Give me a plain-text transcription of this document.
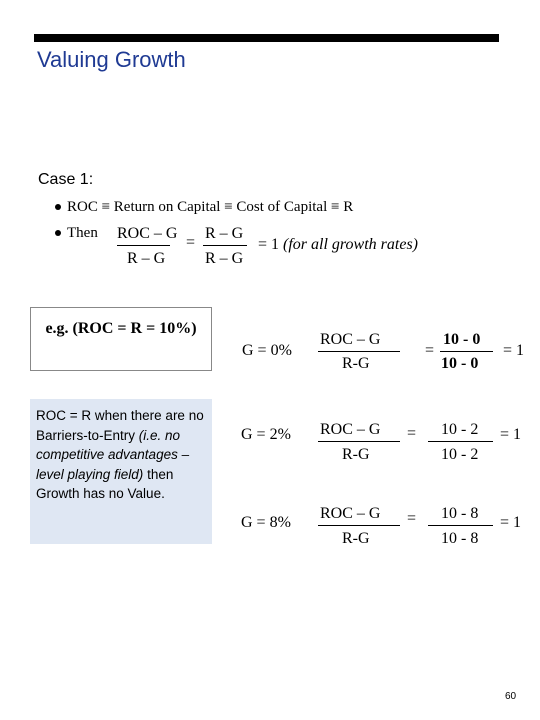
Valuing Growth
Case 1:
ROC ≡ Return on Capital ≡ Cost of Capital ≡ R
Then ROC – G
R – G
=
R – G
R – G
= 1 (for all growth rates)
e.g. (ROC = R = 10%)
ROC = R when there are no Barriers-to-Entry (i.e. no competitive advantages – level playing field) then Growth has no Value.
G = 0%
ROC – G
R-G
=
10 - 0
10 - 0
= 1
G = 2% ROC – G
R-G
= 10 - 2
10 - 2
= 1
G = 8%
ROC – G
R-G
= 10 - 8
10 - 8
= 1
60
